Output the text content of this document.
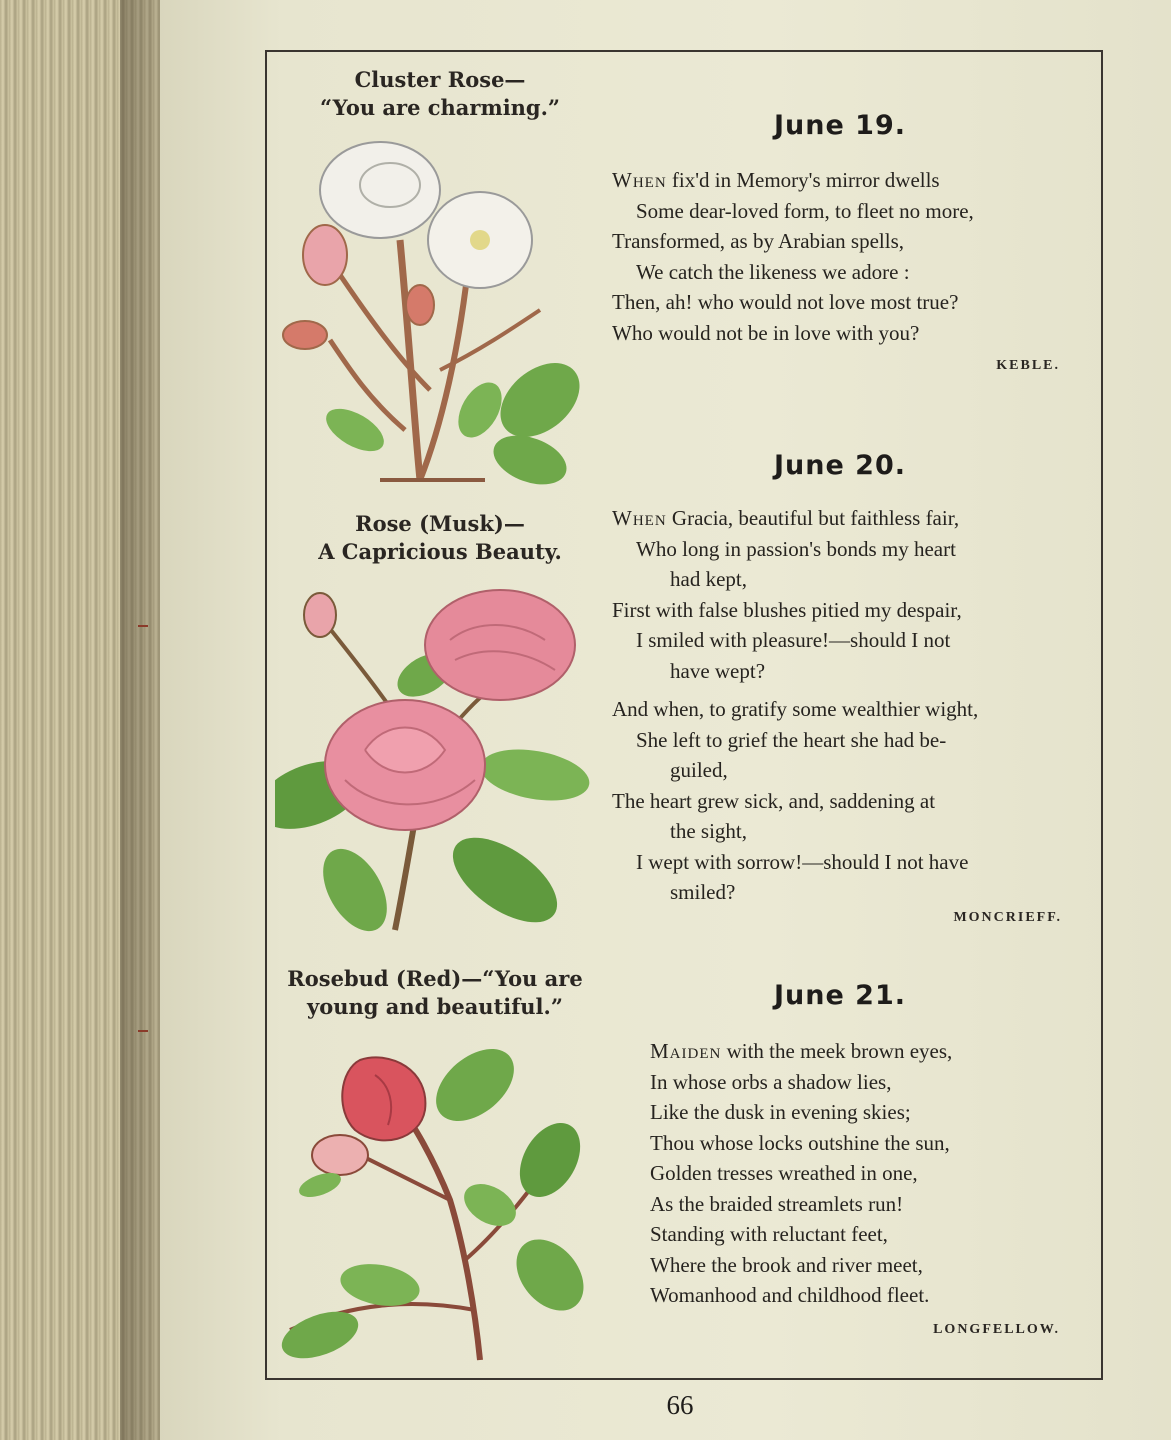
Cluster Rose—
“You are charming.”
Rose (Musk)—
A Capricious Beauty.
Rosebud (Red)—“You are
young and beautiful.”
June 19.
When fix'd in Memory's mirror dwells
Some dear-loved form, to fleet no more,
Transformed, as by Arabian spells,
We catch the likeness we adore :
Then, ah! who would not love most true?
Who would not be in love with you?
KEBLE.
June 20.
When Gracia, beautiful but faithless fair,
Who long in passion's bonds my heart
had kept,
First with false blushes pitied my despair,
I smiled with pleasure!—should I not
have wept?
And when, to gratify some wealthier wight,
She left to grief the heart she had be-
guiled,
The heart grew sick, and, saddening at
the sight,
I wept with sorrow!—should I not have
smiled?
MONCRIEFF.
June 21.
Maiden with the meek brown eyes,
In whose orbs a shadow lies,
Like the dusk in evening skies;
Thou whose locks outshine the sun,
Golden tresses wreathed in one,
As the braided streamlets run!
Standing with reluctant feet,
Where the brook and river meet,
Womanhood and childhood fleet.
LONGFELLOW.
66
